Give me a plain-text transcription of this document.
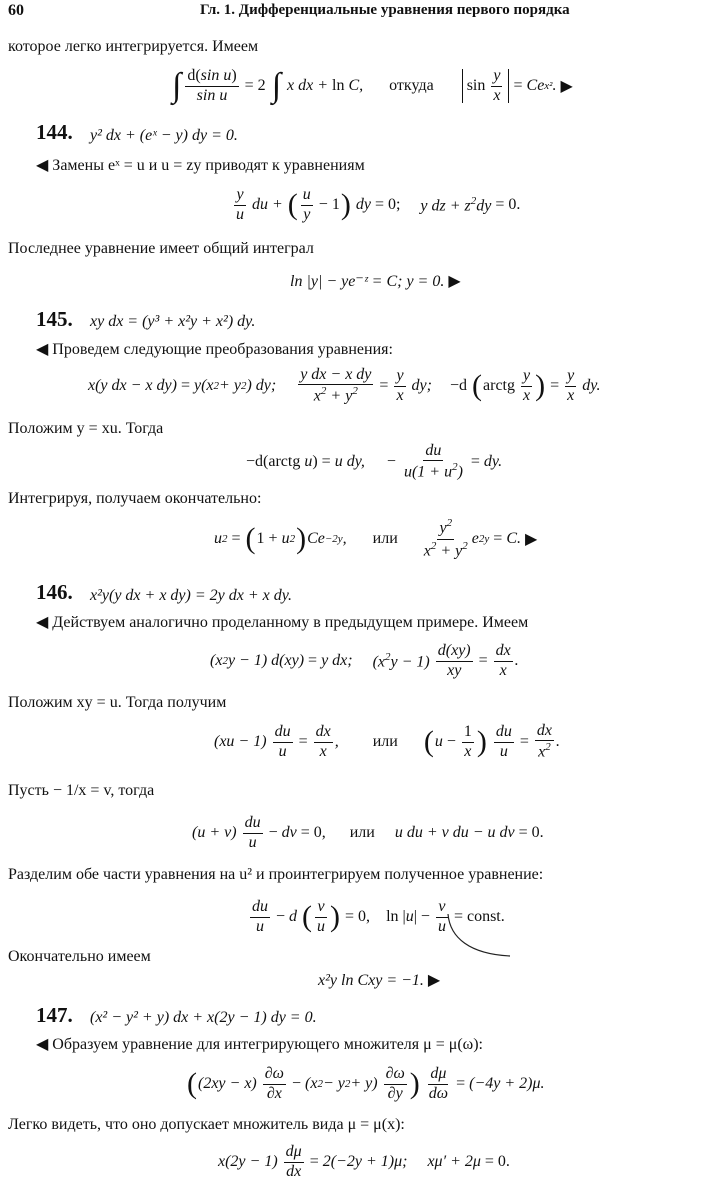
60	Гл. 1. Дифференциальные уравнения первого порядка
которое легко интегрируется. Имеем
∫ $\frac{\text{d(sin u)}}{\text{sin u}} = 2$ ∫ x dx + ln C, откуда $\sin \frac{y}{x} = Ce$ x² . ▶
144. y² dx + (eˣ − y) dy = 0.
◀ Замены eˣ = u и u = zy приводят к уравнениям
$\frac{y}{u}$ du + ( $\frac{u}{y} - 1$ ) dy = 0; y dz + $z^2dy = 0$.
Последнее уравнение имеет общий интеграл
ln |y| − ye⁻ᶻ = C; y = 0. ▶
145. xy dx = (y³ + x²y + x²) dy.
◀ Проведем следующие преобразования уравнения:
x(y dx − x dy) = y(x 2 + y 2 ) dy; $\frac{\text{y dx − x dy}}{x^2 + y^2} = \frac{y}{x}$ dy; −d
( arctg $\frac{y}{x}$ ) = $\frac{y}{x}$ dy.
Положим y = xu. Тогда
−d(arctg u ) = u dy, − $\frac{du}{u(1 + u^2)}$ = dy.
Интегрируя, получаем окончательно:
u 2 = ( 1 + u 2 ) Ce −2y , или $\frac{y^2}{x^2 + y^2}$ e 2y = C. ▶
146. x²y(y dx + x dy) = 2y dx + x dy.
◀ Действуем аналогично проделанному в предыдущем примере. Имеем
(x 2 y − 1) d(xy) = y dx; $(x^2y - 1)$
$\frac{d(xy)}{xy} = \frac{dx}{x}$ .
Положим xy = u. Тогда получим
$(xu - 1) \frac{du}{u} = \frac{dx}{x}$ , или ( $u - \frac{1}{x}$ )
$\frac{du}{u} = \frac{dx}{x^2}$ .
Пусть − 1/x = v, тогда
$(u + v) \frac{du}{u}$ − dv = 0, или u du + v du − u dv = 0.
Разделим обе части уравнения на u² и проинтегрируем полученное уравнение:
$\frac{du}{u} - d$ ( $\frac{v}{u}$ ) = 0, ln | u | − $\frac{v}{u}$ = const.
Окончательно имеем
x²y ln Cxy = −1. ▶
147. (x² − y² + y) dx + x(2y − 1) dy = 0.
◀ Образуем уравнение для интегрирующего множителя μ = μ(ω):
( $(2xy - x) \frac{\partial\omega}{\partial x} - (x$ 2 − y $2 + y) \frac{\partial\omega}{\partial y}$ )
$\frac{d\mu}{d\omega} = (-4y + 2)\mu$.
Легко видеть, что оно допускает множитель вида μ = μ(x):
$x(2y - 1) \frac{d\mu}{dx} = 2(-2y + 1)\mu$; xμ′ + 2μ = 0.
